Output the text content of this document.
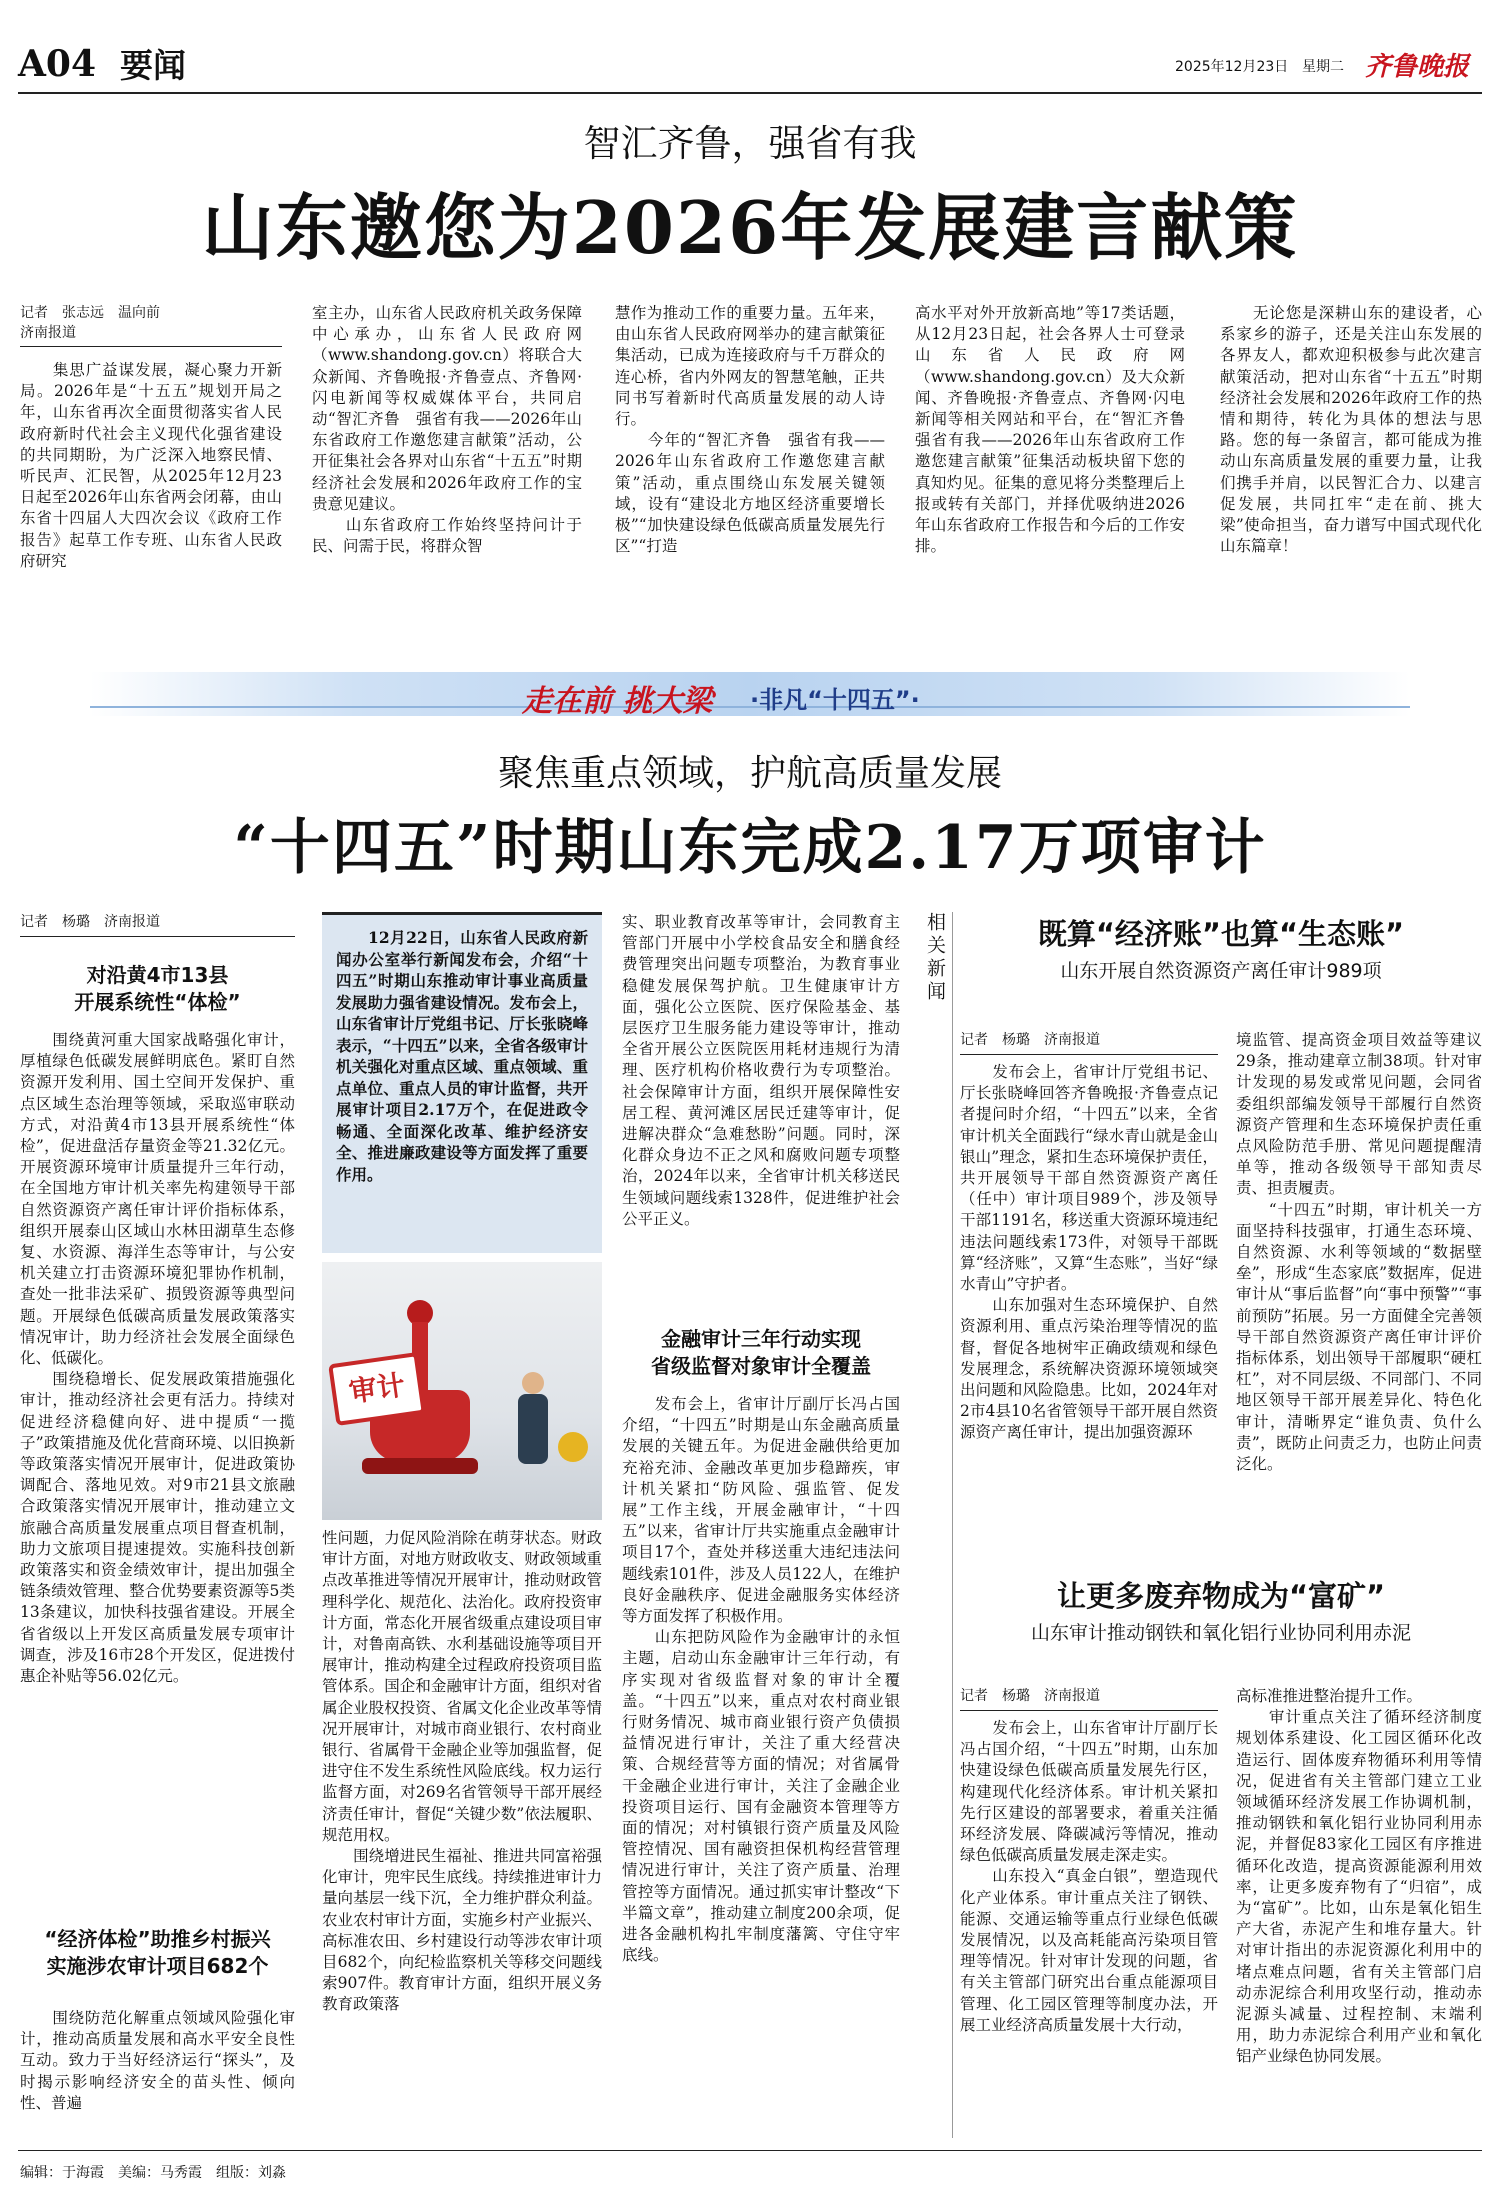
A04 要闻	2025年12月23日 星期二 齐鲁晚报
智汇齐鲁，强省有我
山东邀您为2026年发展建言献策
记者　张志远　温向前
济南报道
　　集思广益谋发展，凝心聚力开新局。2026年是“十五五”规划开局之年，山东省再次全面贯彻落实省人民政府新时代社会主义现代化强省建设的共同期盼，为广泛深入地察民情、听民声、汇民智，从2025年12月23日起至2026年山东省两会闭幕，由山东省十四届人大四次会议《政府工作报告》起草工作专班、山东省人民政府研究
室主办，山东省人民政府机关政务保障中心承办，山东省人民政府网（www.shandong.gov.cn）将联合大众新闻、齐鲁晚报·齐鲁壹点、齐鲁网·闪电新闻等权威媒体平台，共同启动“智汇齐鲁　强省有我——2026年山东省政府工作邀您建言献策”活动，公开征集社会各界对山东省“十五五”时期经济社会发展和2026年政府工作的宝贵意见建议。
　　山东省政府工作始终坚持问计于民、问需于民，将群众智
慧作为推动工作的重要力量。五年来，由山东省人民政府网举办的建言献策征集活动，已成为连接政府与千万群众的连心桥，省内外网友的智慧笔触，正共同书写着新时代高质量发展的动人诗行。
　　今年的“智汇齐鲁　强省有我——2026年山东省政府工作邀您建言献策”活动，重点围绕山东发展关键领域，设有“建设北方地区经济重要增长极”“加快建设绿色低碳高质量发展先行区”“打造
高水平对外开放新高地”等17类话题，从12月23日起，社会各界人士可登录山东省人民政府网（www.shandong.gov.cn）及大众新闻、齐鲁晚报·齐鲁壹点、齐鲁网·闪电新闻等相关网站和平台，在“智汇齐鲁　强省有我——2026年山东省政府工作邀您建言献策”征集活动板块留下您的真知灼见。征集的意见将分类整理后上报或转有关部门，并择优吸纳进2026年山东省政府工作报告和今后的工作安排。
　　无论您是深耕山东的建设者，心系家乡的游子，还是关注山东发展的各界友人，都欢迎积极参与此次建言献策活动，把对山东省“十五五”时期经济社会发展和2026年政府工作的热情和期待，转化为具体的想法与思路。您的每一条留言，都可能成为推动山东高质量发展的重要力量，让我们携手并肩，以民智汇合力、以建言促发展，共同扛牢“走在前、挑大梁”使命担当，奋力谱写中国式现代化山东篇章！
走在前 挑大梁 ·非凡“十四五”·
聚焦重点领域，护航高质量发展
“十四五”时期山东完成2.17万项审计
记者　杨璐　济南报道
对沿黄4市13县
开展系统性“体检”
　　围绕黄河重大国家战略强化审计，厚植绿色低碳发展鲜明底色。紧盯自然资源开发利用、国土空间开发保护、重点区域生态治理等领域，采取巡审联动方式，对沿黄4市13县开展系统性“体检”，促进盘活存量资金等21.32亿元。开展资源环境审计质量提升三年行动，在全国地方审计机关率先构建领导干部自然资源资产离任审计评价指标体系，组织开展泰山区域山水林田湖草生态修复、水资源、海洋生态等审计，与公安机关建立打击资源环境犯罪协作机制，查处一批非法采矿、损毁资源等典型问题。开展绿色低碳高质量发展政策落实情况审计，助力经济社会发展全面绿色化、低碳化。
　　围绕稳增长、促发展政策措施强化审计，推动经济社会更有活力。持续对促进经济稳健向好、进中提质“一揽子”政策措施及优化营商环境、以旧换新等政策落实情况开展审计，促进政策协调配合、落地见效。对9市21县文旅融合政策落实情况开展审计，推动建立文旅融合高质量发展重点项目督查机制，助力文旅项目提速提效。实施科技创新政策落实和资金绩效审计，提出加强全链条绩效管理、整合优势要素资源等5类13条建议，加快科技强省建设。开展全省省级以上开发区高质量发展专项审计调查，涉及16市28个开发区，促进拨付惠企补贴等56.02亿元。
“经济体检”助推乡村振兴
实施涉农审计项目682个
　　围绕防范化解重点领域风险强化审计，推动高质量发展和高水平安全良性互动。致力于当好经济运行“探头”，及时揭示影响经济安全的苗头性、倾向性、普遍
　　12月22日，山东省人民政府新闻办公室举行新闻发布会，介绍“十四五”时期山东推动审计事业高质量发展助力强省建设情况。发布会上，山东省审计厅党组书记、厅长张晓峰表示，“十四五”以来，全省各级审计机关强化对重点区域、重点领域、重点单位、重点人员的审计监督，共开展审计项目2.17万个，在促进政令畅通、全面深化改革、维护经济安全、推进廉政建设等方面发挥了重要作用。
审计
性问题，力促风险消除在萌芽状态。财政审计方面，对地方财政收支、财政领域重点改革推进等情况开展审计，推动财政管理科学化、规范化、法治化。政府投资审计方面，常态化开展省级重点建设项目审计，对鲁南高铁、水利基础设施等项目开展审计，推动构建全过程政府投资项目监管体系。国企和金融审计方面，组织对省属企业股权投资、省属文化企业改革等情况开展审计，对城市商业银行、农村商业银行、省属骨干金融企业等加强监督，促进守住不发生系统性风险底线。权力运行监督方面，对269名省管领导干部开展经济责任审计，督促“关键少数”依法履职、规范用权。
　　围绕增进民生福祉、推进共同富裕强化审计，兜牢民生底线。持续推进审计力量向基层一线下沉，全力维护群众利益。农业农村审计方面，实施乡村产业振兴、高标准农田、乡村建设行动等涉农审计项目682个，向纪检监察机关等移交问题线索907件。教育审计方面，组织开展义务教育政策落
实、职业教育改革等审计，会同教育主管部门开展中小学校食品安全和膳食经费管理突出问题专项整治，为教育事业稳健发展保驾护航。卫生健康审计方面，强化公立医院、医疗保险基金、基层医疗卫生服务能力建设等审计，推动全省开展公立医院医用耗材违规行为清理、医疗机构价格收费行为专项整治。社会保障审计方面，组织开展保障性安居工程、黄河滩区居民迁建等审计，促进解决群众“急难愁盼”问题。同时，深化群众身边不正之风和腐败问题专项整治，2024年以来，全省审计机关移送民生领域问题线索1328件，促进维护社会公平正义。
金融审计三年行动实现
省级监督对象审计全覆盖
　　发布会上，省审计厅副厅长冯占国介绍，“十四五”时期是山东金融高质量发展的关键五年。为促进金融供给更加充裕充沛、金融改革更加步稳蹄疾，审计机关紧扣“防风险、强监管、促发展”工作主线，开展金融审计，“十四五”以来，省审计厅共实施重点金融审计项目17个，查处并移送重大违纪违法问题线索101件，涉及人员122人，在维护良好金融秩序、促进金融服务实体经济等方面发挥了积极作用。
　　山东把防风险作为金融审计的永恒主题，启动山东金融审计三年行动，有序实现对省级监督对象的审计全覆盖。“十四五”以来，重点对农村商业银行财务情况、城市商业银行资产负债损益情况进行审计，关注了重大经营决策、合规经营等方面的情况；对省属骨干金融企业进行审计，关注了金融企业投资项目运行、国有金融资本管理等方面的情况；对村镇银行资产质量及风险管控情况、国有融资担保机构经营管理情况进行审计，关注了资产质量、治理管控等方面情况。通过抓实审计整改“下半篇文章”，推动建立制度200余项，促进各金融机构扎牢制度藩篱、守住守牢底线。
相关新闻	既算“经济账”也算“生态账”
山东开展自然资源资产离任审计989项
记者　杨璐　济南报道
　　发布会上，省审计厅党组书记、厅长张晓峰回答齐鲁晚报·齐鲁壹点记者提问时介绍，“十四五”以来，全省审计机关全面践行“绿水青山就是金山银山”理念，紧扣生态环境保护责任，共开展领导干部自然资源资产离任（任中）审计项目989个，涉及领导干部1191名，移送重大资源环境违纪违法问题线索173件，对领导干部既算“经济账”，又算“生态账”，当好“绿水青山”守护者。
　　山东加强对生态环境保护、自然资源利用、重点污染治理等情况的监督，督促各地树牢正确政绩观和绿色发展理念，系统解决资源环境领域突出问题和风险隐患。比如，2024年对2市4县10名省管领导干部开展自然资源资产离任审计，提出加强资源环
境监管、提高资金项目效益等建议29条，推动建章立制38项。针对审计发现的易发或常见问题，会同省委组织部编发领导干部履行自然资源资产管理和生态环境保护责任重点风险防范手册、常见问题提醒清单等，推动各级领导干部知责尽责、担责履责。
　　“十四五”时期，审计机关一方面坚持科技强审，打通生态环境、自然资源、水利等领域的“数据壁垒”，形成“生态家底”数据库，促进审计从“事后监督”向“事中预警”“事前预防”拓展。另一方面健全完善领导干部自然资源资产离任审计评价指标体系，划出领导干部履职“硬杠杠”，对不同层级、不同部门、不同地区领导干部开展差异化、特色化审计，清晰界定“谁负责、负什么责”，既防止问责乏力，也防止问责泛化。
让更多废弃物成为“富矿”
山东审计推动钢铁和氧化铝行业协同利用赤泥
记者　杨璐　济南报道
　　发布会上，山东省审计厅副厅长冯占国介绍，“十四五”时期，山东加快建设绿色低碳高质量发展先行区，构建现代化经济体系。审计机关紧扣先行区建设的部署要求，着重关注循环经济发展、降碳减污等情况，推动绿色低碳高质量发展走深走实。
　　山东投入“真金白银”，塑造现代化产业体系。审计重点关注了钢铁、能源、交通运输等重点行业绿色低碳发展情况，以及高耗能高污染项目管理等情况。针对审计发现的问题，省有关主管部门研究出台重点能源项目管理、化工园区管理等制度办法，开展工业经济高质量发展十大行动，
高标准推进整治提升工作。
　　审计重点关注了循环经济制度规划体系建设、化工园区循环化改造运行、固体废弃物循环利用等情况，促进省有关主管部门建立工业领域循环经济发展工作协调机制，推动钢铁和氧化铝行业协同利用赤泥，并督促83家化工园区有序推进循环化改造，提高资源能源利用效率，让更多废弃物有了“归宿”，成为“富矿”。比如，山东是氧化铝生产大省，赤泥产生和堆存量大。针对审计指出的赤泥资源化利用中的堵点难点问题，省有关主管部门启动赤泥综合利用攻坚行动，推动赤泥源头减量、过程控制、末端利用，助力赤泥综合利用产业和氧化铝产业绿色协同发展。
编辑：于海霞　美编：马秀霞　组版：刘淼
